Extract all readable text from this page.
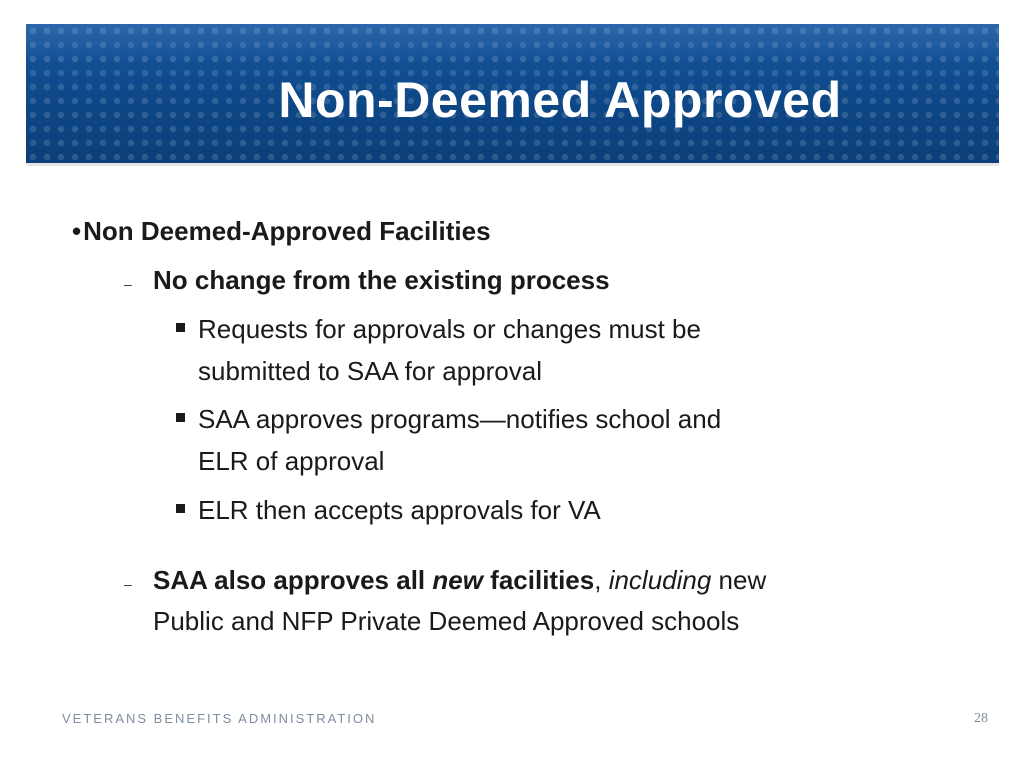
Non-Deemed Approved
•Non Deemed-Approved Facilities
– No change from the existing process
Requests for approvals or changes must be
submitted to SAA for approval
SAA approves programs—notifies school and
ELR of approval
ELR then accepts approvals for VA
– SAA also approves all new facilities, including new
Public and NFP Private Deemed Approved schools
VETERANS BENEFITS ADMINISTRATION	28
